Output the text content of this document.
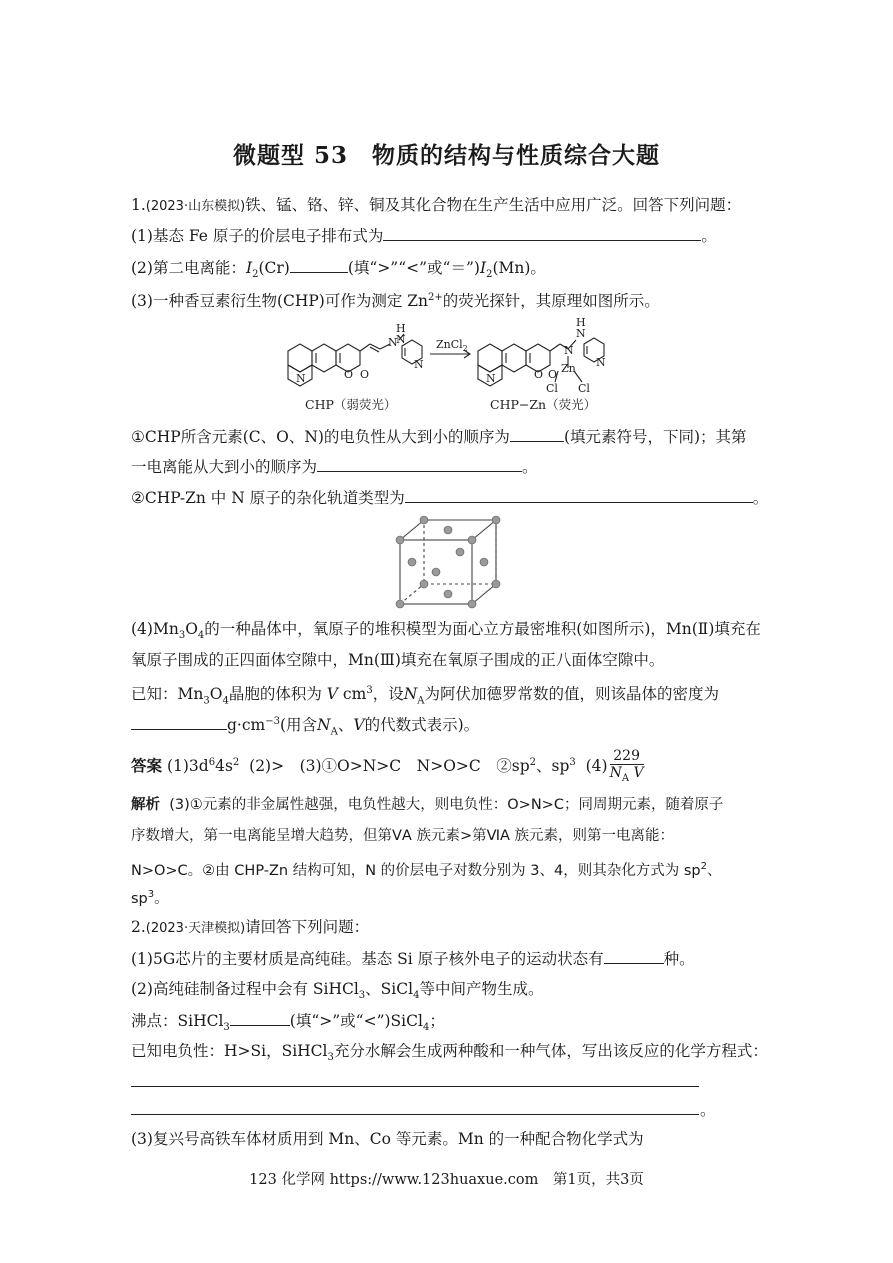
微题型 53　物质的结构与性质综合大题
1.(2023·山东模拟)铁、锰、铬、锌、铜及其化合物在生产生活中应用广泛。回答下列问题：
(1)基态 Fe 原子的价层电子排布式为	。
(2)第二电离能：$I_2(Cr)$	(填“>”“<”或“$=”)I_2(Mn)$。
(3)一种香豆素衍生物(CHP)可作为测定 $Zn^{2+}$的荧光探针，其原理如图所示。
N	O O
N
H
N
N
N	O O
N
H
N
Zn N
Cl Cl
ZnCl$_2$
CHP（弱荧光）	CHP−Zn（荧光）
①CHP所含元素(C、O、N)的电负性从大到小的顺序为	(填元素符号，下同)；其第
一电离能从大到小的顺序为	。
②CHP-Zn 中 N 原子的杂化轨道类型为	。
$(4)Mn_3O_4$的一种晶体中，氧原子的堆积模型为面心立方最密堆积(如图所示)，Mn(Ⅱ)填充在
氧原子围成的正四面体空隙中，Mn(Ⅲ)填充在氧原子围成的正八面体空隙中。
已知：$Mn_3O_4$晶胞的体积为 V $cm^3$，设$N_A$为阿伏加德罗常数的值，则该晶体的密度为
$g\cdot cm^{-3}$(用含$N_A$、V的代数式表示)。
答案 $(1)3d^64s^2$ (2)>　(3)①O>N>C　N>O>C　$②sp^2$、$sp^3$ $(4) \frac{229}{N_A V}$
解析 (3)①元素的非金属性越强，电负性越大，则电负性：O>N>C；同周期元素，随着原子
序数增大，第一电离能呈增大趋势，但第ⅤA 族元素>第ⅥA 族元素，则第一电离能：
N>O>C。②由 CHP-Zn 结构可知，N 的价层电子对数分别为 3、4，则其杂化方式为 $sp^2$、
$sp^3$。
2.(2023·天津模拟)请回答下列问题：
(1)5G芯片的主要材质是高纯硅。基态 Si 原子核外电子的运动状态有	种。
(2)高纯硅制备过程中会有 SiHCl$_3$、SiCl$_4$等中间产物生成。
沸点：SiHCl$_3$	(填“>”或“<”)SiCl$_4$；
已知电负性：H>Si，SiHCl$_3$充分水解会生成两种酸和一种气体，写出该反应的化学方程式：
。
(3)复兴号高铁车体材质用到 Mn、Co 等元素。Mn 的一种配合物化学式为
123 化学网 https://www.123huaxue.com　第1页，共3页
